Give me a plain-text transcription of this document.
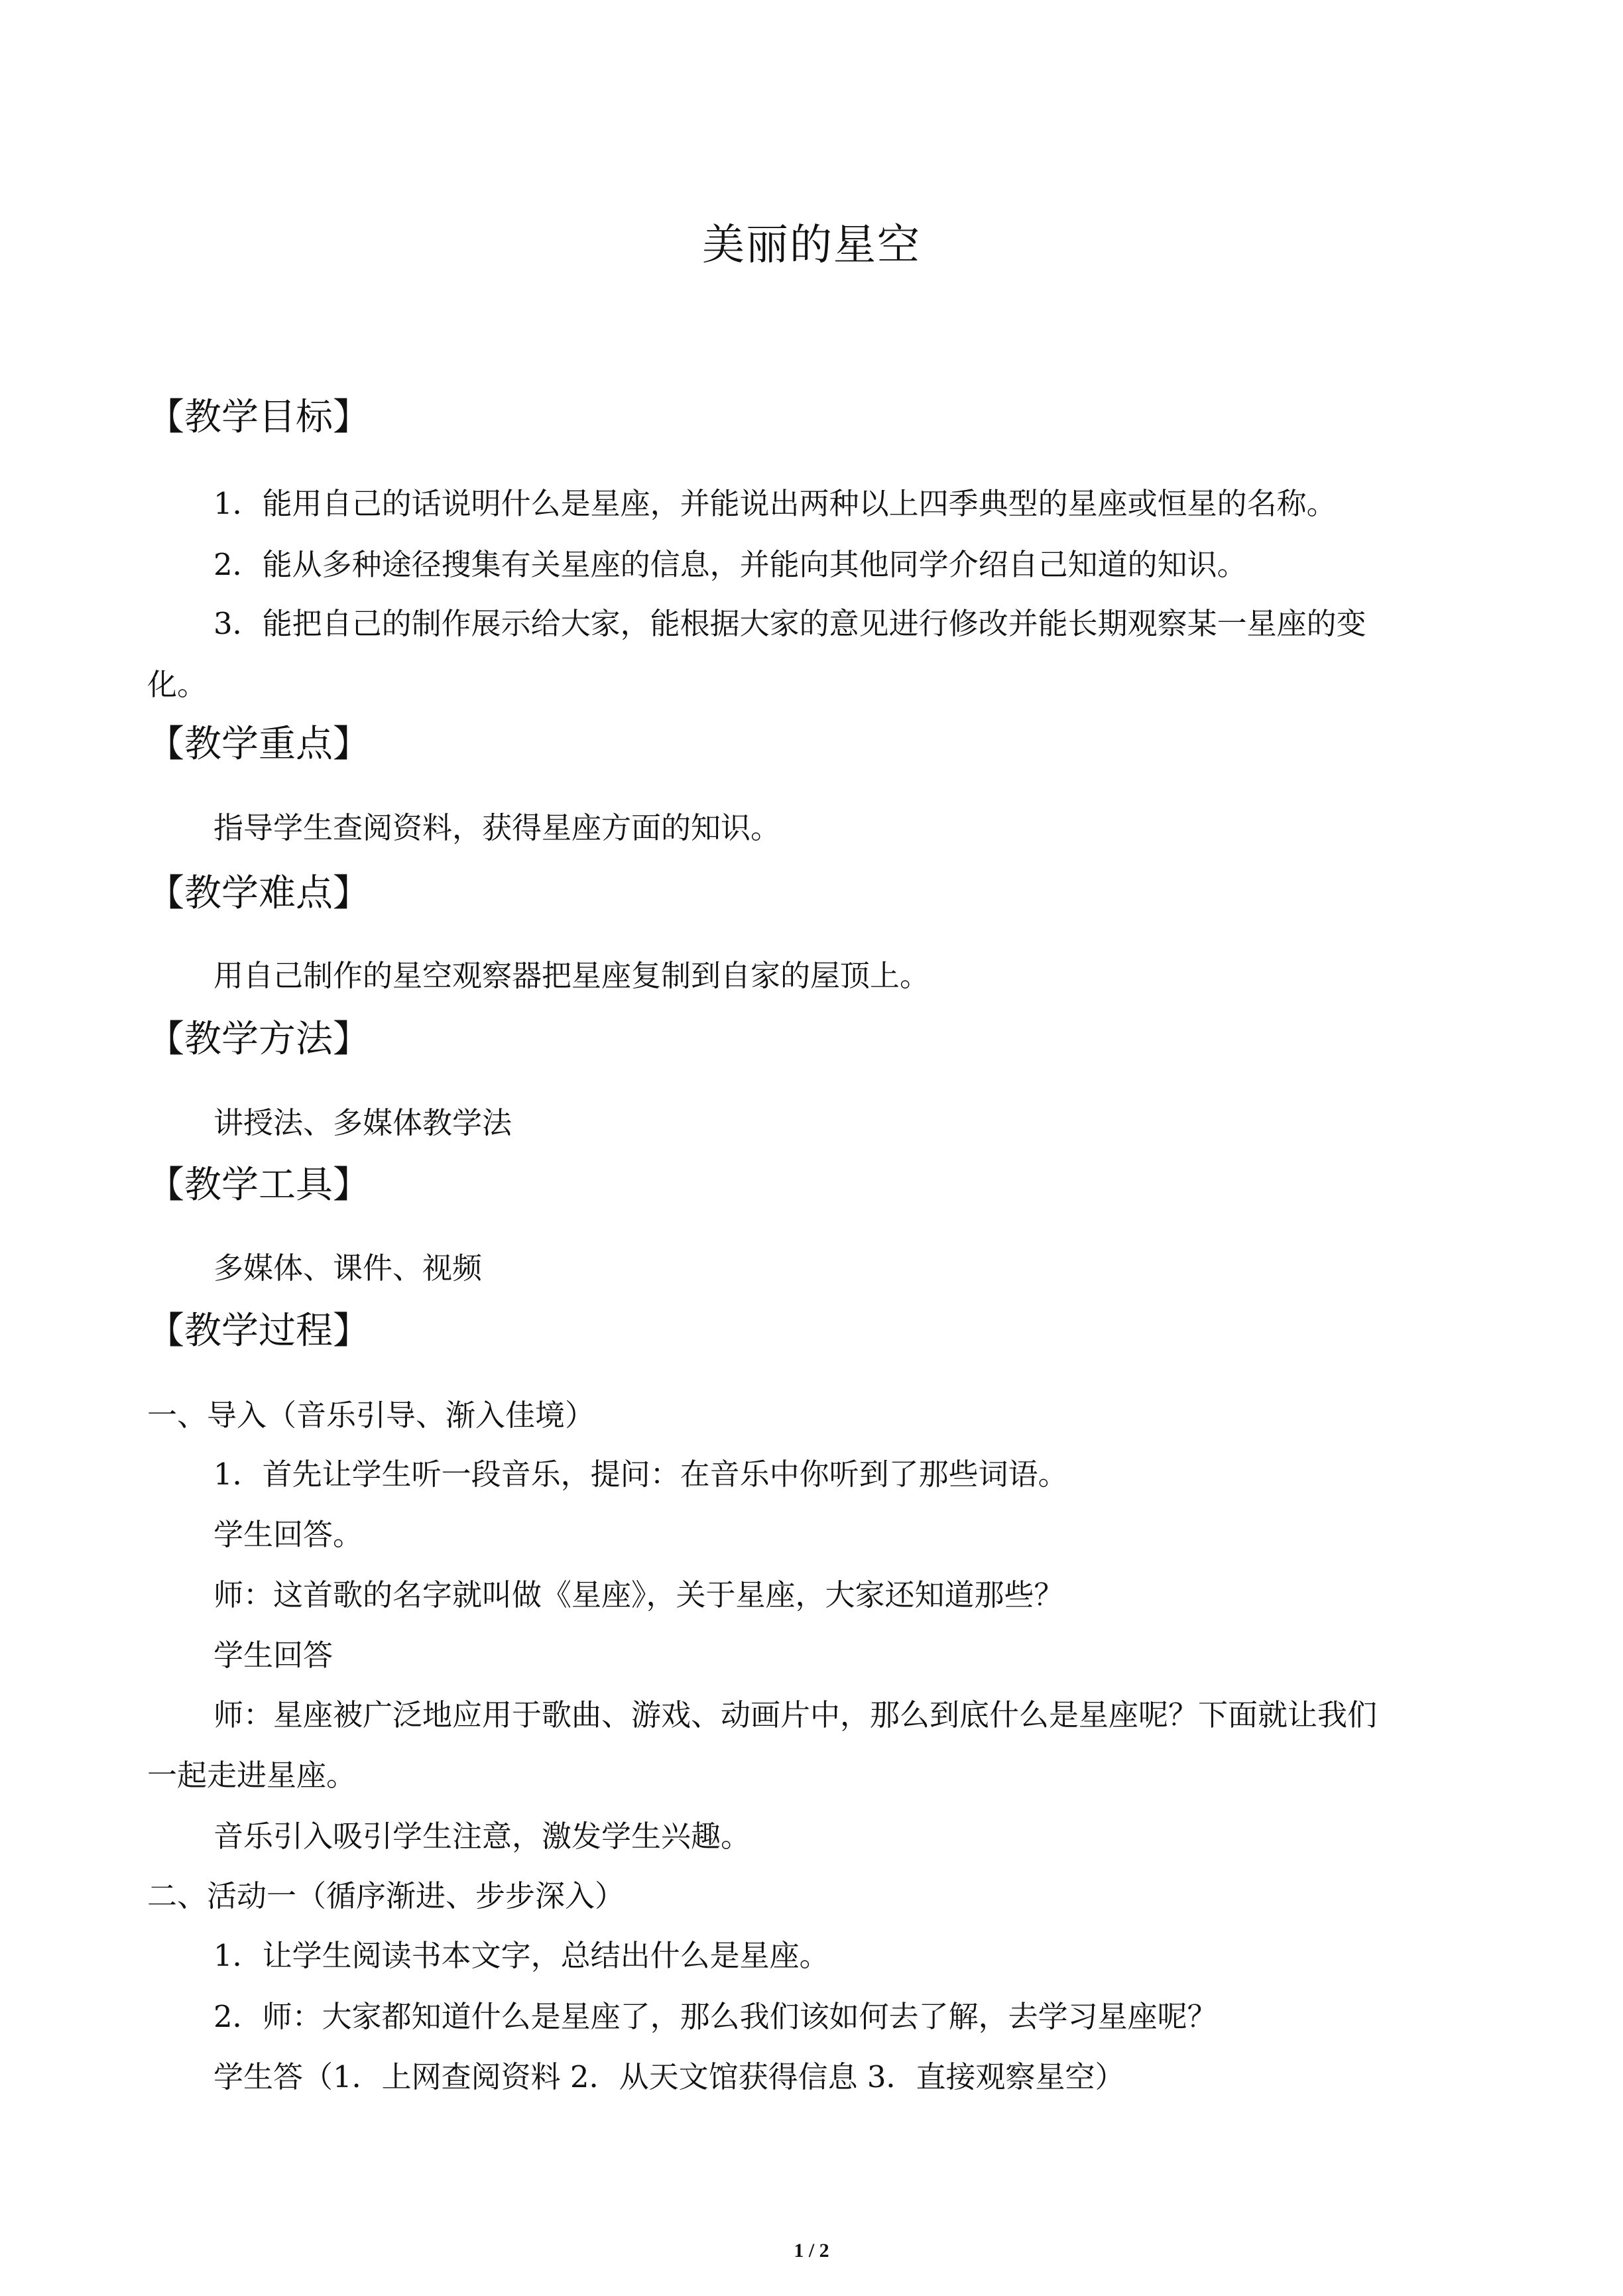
美丽的星空
【教学目标】
1．能用自己的话说明什么是星座，并能说出两种以上四季典型的星座或恒星的名称。
2．能从多种途径搜集有关星座的信息，并能向其他同学介绍自己知道的知识。
3．能把自己的制作展示给大家，能根据大家的意见进行修改并能长期观察某一星座的变
化。
【教学重点】
指导学生查阅资料，获得星座方面的知识。
【教学难点】
用自己制作的星空观察器把星座复制到自家的屋顶上。
【教学方法】
讲授法、多媒体教学法
【教学工具】
多媒体、课件、视频
【教学过程】
一、导入（音乐引导、渐入佳境）
1．首先让学生听一段音乐，提问：在音乐中你听到了那些词语。
学生回答。
师：这首歌的名字就叫做《星座》，关于星座，大家还知道那些？
学生回答
师：星座被广泛地应用于歌曲、游戏、动画片中，那么到底什么是星座呢？下面就让我们
一起走进星座。
音乐引入吸引学生注意，激发学生兴趣。
二、活动一（循序渐进、步步深入）
1．让学生阅读书本文字，总结出什么是星座。
2．师：大家都知道什么是星座了，那么我们该如何去了解，去学习星座呢？
学生答（1．上网查阅资料 2．从天文馆获得信息 3．直接观察星空）
1 / 2
